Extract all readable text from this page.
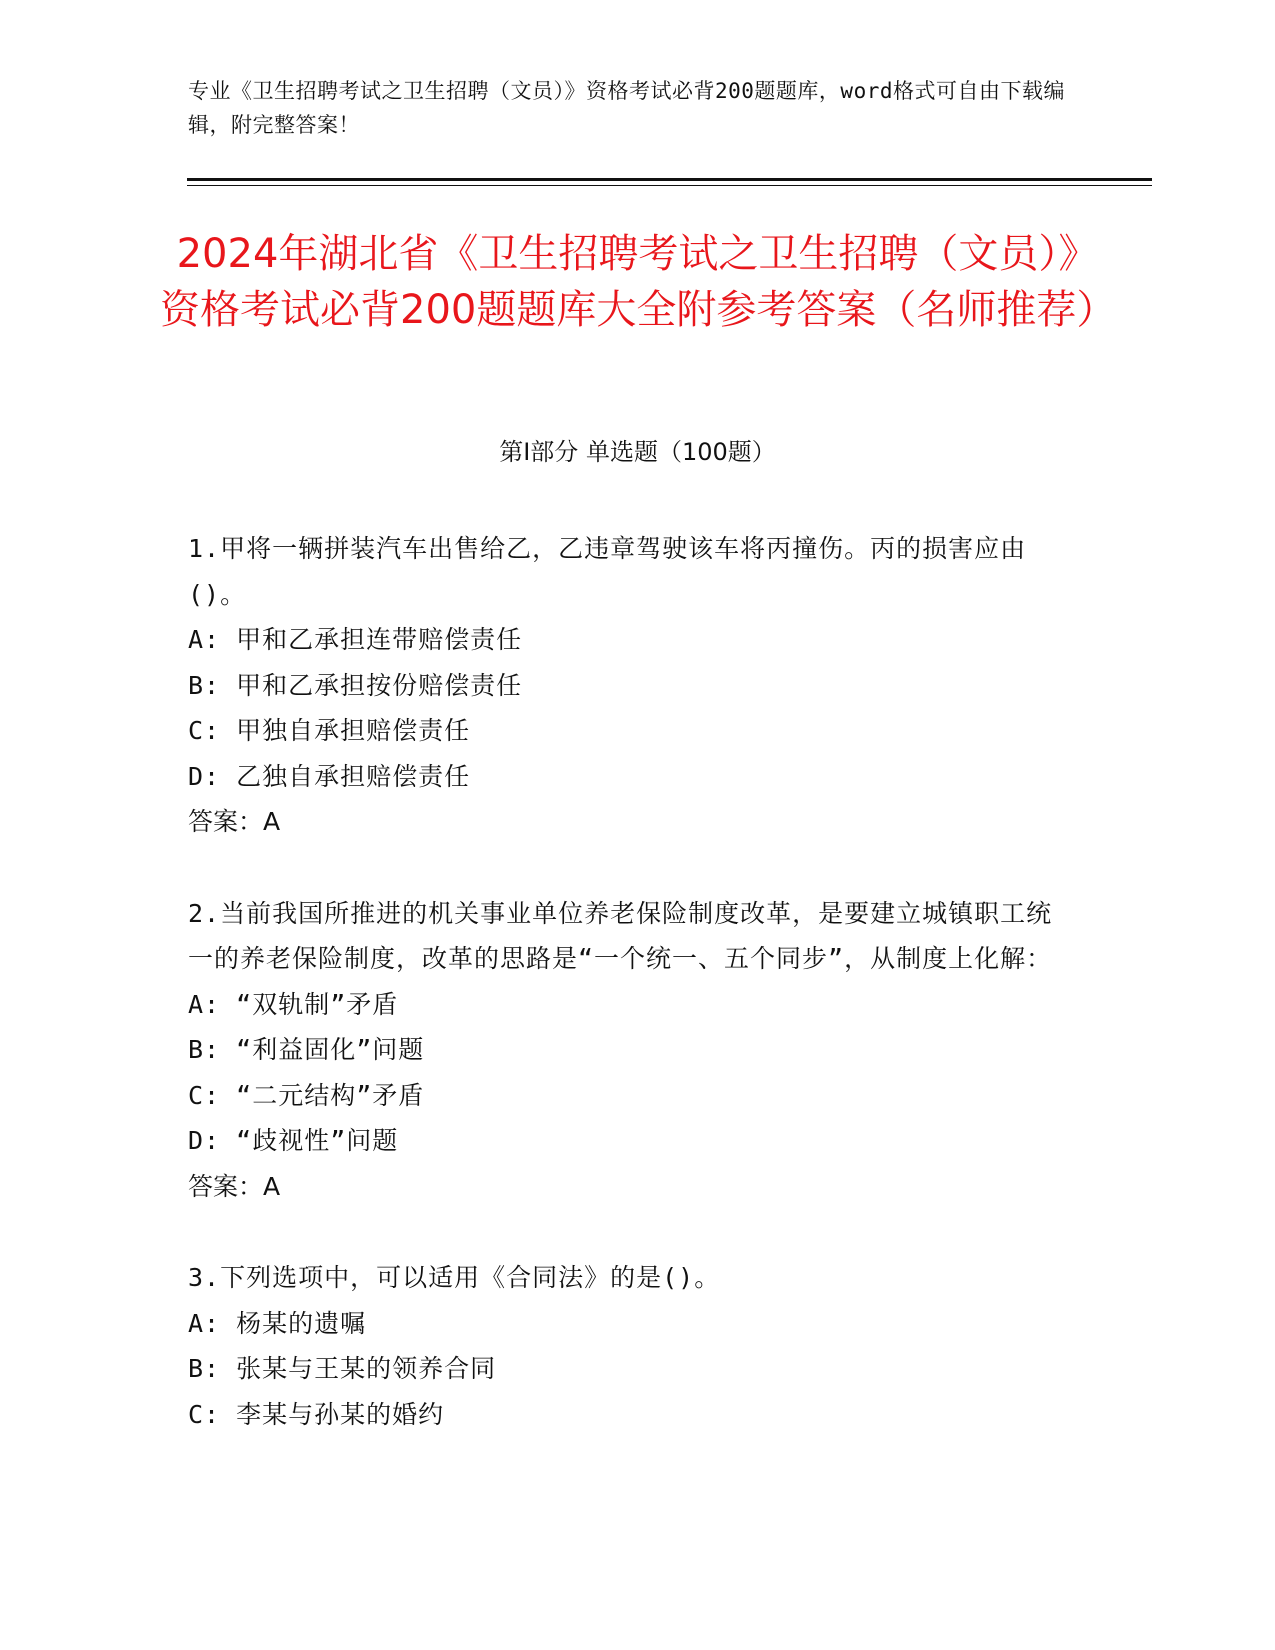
专业《卫生招聘考试之卫生招聘（文员）》资格考试必背200题题库，word格式可自由下载编辑，附完整答案！
2024年湖北省《卫生招聘考试之卫生招聘（文员）》资格考试必背200题题库大全附参考答案（名师推荐）
第I部分 单选题（100题）
1.甲将一辆拼装汽车出售给乙，乙违章驾驶该车将丙撞伤。丙的损害应由()。
A: 甲和乙承担连带赔偿责任
B: 甲和乙承担按份赔偿责任
C: 甲独自承担赔偿责任
D: 乙独自承担赔偿责任
答案：A
2.当前我国所推进的机关事业单位养老保险制度改革，是要建立城镇职工统一的养老保险制度，改革的思路是“一个统一、五个同步”，从制度上化解：
A: “双轨制”矛盾
B: “利益固化”问题
C: “二元结构”矛盾
D: “歧视性”问题
答案：A
3.下列选项中，可以适用《合同法》的是()。
A: 杨某的遗嘱
B: 张某与王某的领养合同
C: 李某与孙某的婚约
